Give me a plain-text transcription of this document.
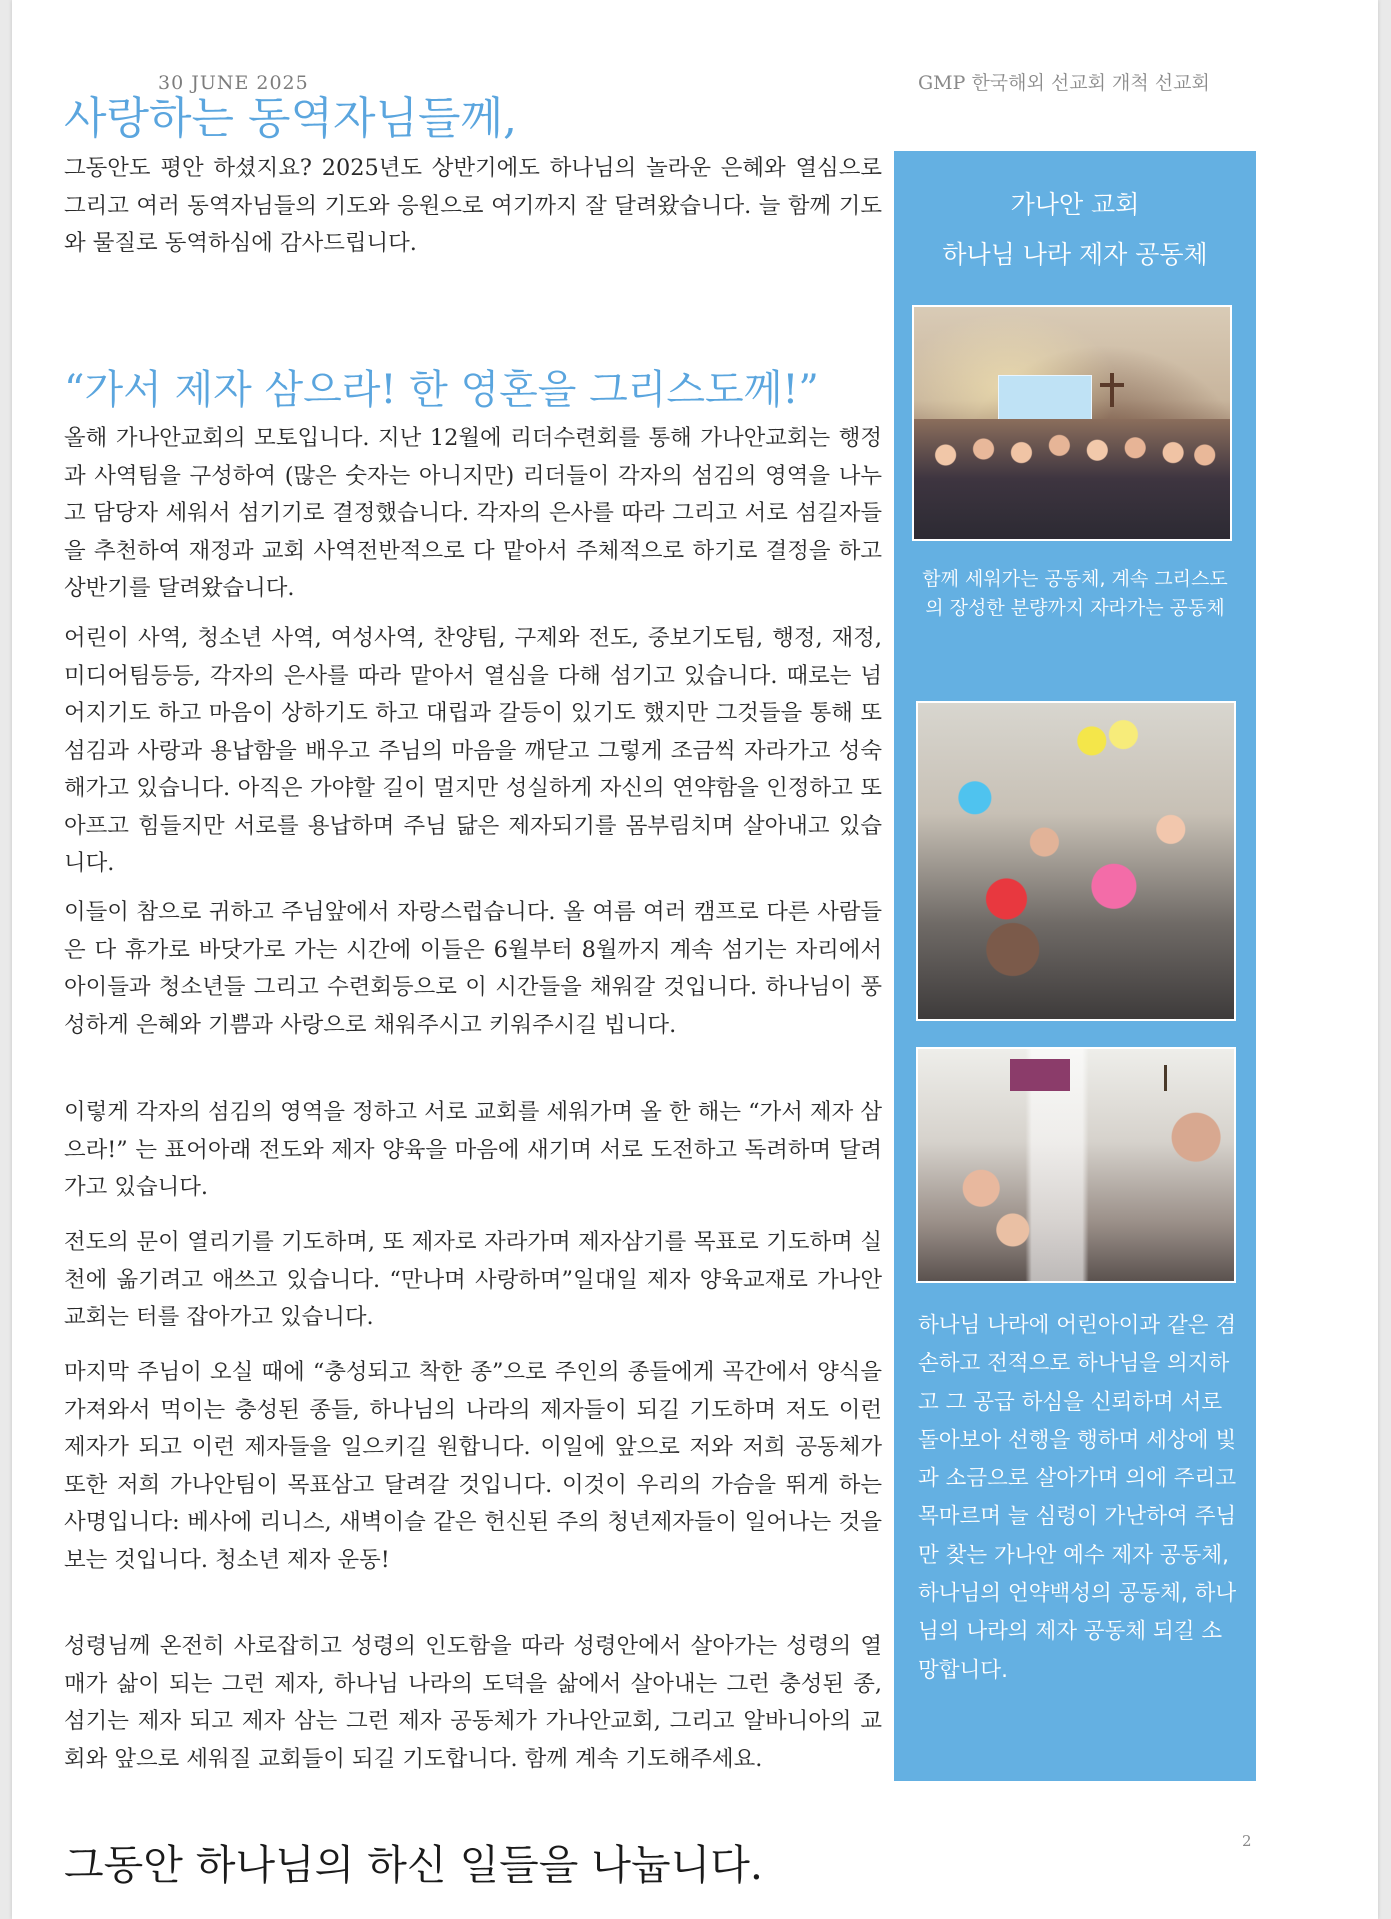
30 JUNE 2025	GMP 한국해외 선교회 개척 선교회
사랑하는 동역자님들께,

그동안도 평안 하셨지요? 2025년도 상반기에도 하나님의 놀라운 은혜와 열심으로 그리고 여러 동역자님들의 기도와 응원으로 여기까지 잘 달려왔습니다. 늘 함께 기도와 물질로 동역하심에 감사드립니다.

“가서 제자 삼으라! 한 영혼을 그리스도께!”

올해 가나안교회의 모토입니다. 지난 12월에 리더수련회를 통해 가나안교회는 행정과 사역팀을 구성하여 (많은 숫자는 아니지만) 리더들이 각자의 섬김의 영역을 나누고 담당자 세워서 섬기기로 결정했습니다. 각자의 은사를 따라 그리고 서로 섬길자들을 추천하여 재정과 교회 사역전반적으로 다 맡아서 주체적으로 하기로 결정을 하고 상반기를 달려왔습니다.

어린이 사역, 청소년 사역, 여성사역, 찬양팀, 구제와 전도, 중보기도팀, 행정, 재정, 미디어팀등등, 각자의 은사를 따라 맡아서 열심을 다해 섬기고 있습니다. 때로는 넘어지기도 하고 마음이 상하기도 하고 대립과 갈등이 있기도 했지만 그것들을 통해 또 섬김과 사랑과 용납함을 배우고 주님의 마음을 깨닫고 그렇게 조금씩 자라가고 성숙해가고 있습니다. 아직은 가야할 길이 멀지만 성실하게 자신의 연약함을 인정하고 또 아프고 힘들지만 서로를 용납하며 주님 닮은 제자되기를 몸부림치며 살아내고 있습니다.

이들이 참으로 귀하고 주님앞에서 자랑스럽습니다. 올 여름 여러 캠프로 다른 사람들은 다 휴가로 바닷가로 가는 시간에 이들은 6월부터 8월까지 계속 섬기는 자리에서 아이들과 청소년들 그리고 수련회등으로 이 시간들을 채워갈 것입니다. 하나님이 풍성하게 은혜와 기쁨과 사랑으로 채워주시고 키워주시길 빕니다.

이렇게 각자의 섬김의 영역을 정하고 서로 교회를 세워가며 올 한 해는 “가서 제자 삼으라!” 는 표어아래 전도와 제자 양육을 마음에 새기며 서로 도전하고 독려하며 달려가고 있습니다.

전도의 문이 열리기를 기도하며, 또 제자로 자라가며 제자삼기를 목표로 기도하며 실천에 옮기려고 애쓰고 있습니다. “만나며 사랑하며”일대일 제자 양육교재로 가나안교회는 터를 잡아가고 있습니다.

마지막 주님이 오실 때에 “충성되고 착한 종”으로 주인의 종들에게 곡간에서 양식을 가져와서 먹이는 충성된 종들, 하나님의 나라의 제자들이 되길 기도하며 저도 이런 제자가 되고 이런 제자들을 일으키길 원합니다. 이일에 앞으로 저와 저희 공동체가 또한 저희 가나안팀이 목표삼고 달려갈 것입니다. 이것이 우리의 가슴을 뛰게 하는 사명입니다: 베사에 리니스, 새벽이슬 같은 헌신된 주의 청년제자들이 일어나는 것을 보는 것입니다. 청소년 제자 운동!

성령님께 온전히 사로잡히고 성령의 인도함을 따라 성령안에서 살아가는 성령의 열매가 삶이 되는 그런 제자, 하나님 나라의 도덕을 삶에서 살아내는 그런 충성된 종, 섬기는 제자 되고 제자 삼는 그런 제자 공동체가 가나안교회, 그리고 알바니아의 교회와 앞으로 세워질 교회들이 되길 기도합니다. 함께 계속 기도해주세요.

그동안 하나님의 하신 일들을 나눕니다.	2
가나안 교회
하나님 나라 제자 공동체
함께 세워가는 공동체, 계속 그리스도의 장성한 분량까지 자라가는 공동체
하나님 나라에 어린아이과 같은 겸손하고 전적으로 하나님을 의지하고 그 공급 하심을 신뢰하며 서로 돌아보아 선행을 행하며 세상에 빛과 소금으로 살아가며 의에 주리고 목마르며 늘 심령이 가난하여 주님만 찾는 가나안 예수 제자 공동체, 하나님의 언약백성의 공동체, 하나님의 나라의 제자 공동체 되길 소망합니다.
